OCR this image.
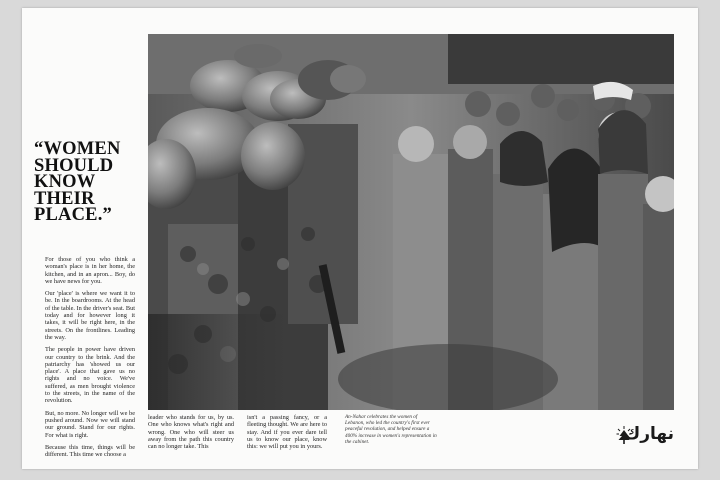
“WOMEN
SHOULD
KNOW
THEIR
PLACE.”

For those of you who think a woman's place is in her home, the kitchen, and in an apron... Boy, do we have news for you.

Our 'place' is where we want it to be. In the boardrooms. At the head of the table. In the driver's seat. But today and for however long it takes, it will be right here, in the streets. On the frontlines. Leading the way.

The people in power have driven our country to the brink. And the patriarchy has 'showed us our place'. A place that gave us no rights and no voice. We've suffered, as men brought violence to the streets, in the name of the revolution.

But, no more. No longer will we be pushed around. Now we will stand our ground. Stand for our rights. For what is right.

Because this time, things will be different. This time we choose a

leader who stands for us, by us. One who knows what's right and wrong. One who will steer us away from the path this country can no longer take. This

isn't a passing fancy, or a fleeting thought. We are here to stay. And if you ever dare tell us to know our place, know this: we will put you in yours.

An-Nahar celebrates the women of Lebanon, who led the country's first ever peaceful revolution, and helped ensure a 400% increase in women's representation in the cabinet.	نهارك
